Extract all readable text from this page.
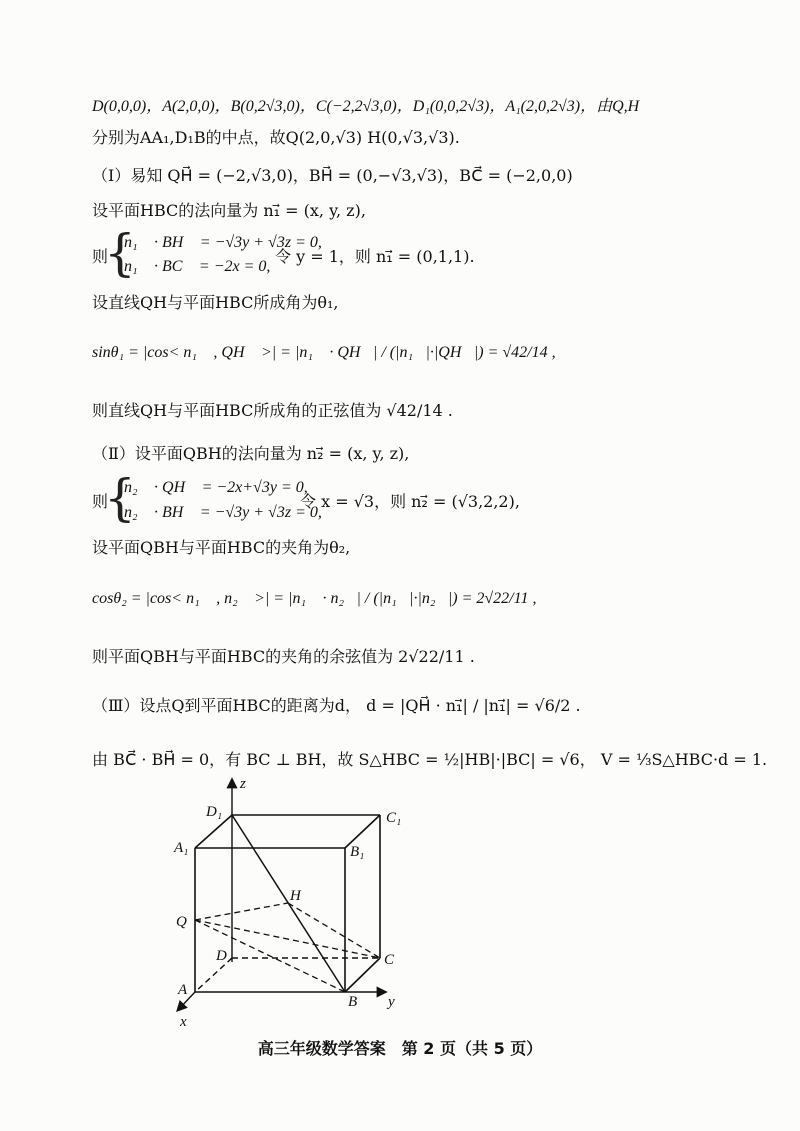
D(0,0,0)，A(2,0,0)，B(0,2√3,0)，C(−2,2√3,0)，D₁(0,0,2√3)，A₁(2,0,2√3)，由Q,H
分别为AA₁,D₁B的中点，故Q(2,0,√3) H(0,√3,√3).
（Ⅰ）易知 QH⃗ = (−2,√3,0)，BH⃗ = (0,−√3,√3)，BC⃗ = (−2,0,0)
设平面HBC的法向量为 n₁⃗ = (x, y, z),
则
{
n₁⃗ · BH⃗ = −√3y + √3z = 0,
n₁⃗ · BC⃗ = −2x = 0,
令 y = 1，则 n₁⃗ = (0,1,1).
设直线QH与平面HBC所成角为θ₁,
sinθ₁ = |cos< n₁⃗ , QH⃗ >| = |n₁⃗ · QH⃗| / (|n₁⃗|·|QH⃗|) = √42/14 ,
则直线QH与平面HBC所成角的正弦值为 √42/14 .
（Ⅱ）设平面QBH的法向量为 n₂⃗ = (x, y, z),
则
{
n₂⃗ · QH⃗ = −2x+√3y = 0,
n₂⃗ · BH⃗ = −√3y + √3z = 0,
令 x = √3，则 n₂⃗ = (√3,2,2),
设平面QBH与平面HBC的夹角为θ₂,
cosθ₂ = |cos< n₁⃗ , n₂⃗ >| = |n₁⃗ · n₂⃗| / (|n₁⃗|·|n₂⃗|) = 2√22/11 ,
则平面QBH与平面HBC的夹角的余弦值为 2√22/11 .
（Ⅲ）设点Q到平面HBC的距离为d， d = |QH⃗ · n₁⃗| / |n₁⃗| = √6/2 .
由 BC⃗ · BH⃗ = 0，有 BC ⊥ BH，故 S△HBC = ½|HB|·|BC| = √6， V = ⅓S△HBC·d = 1.
z
y
x
D₁	C₁
A₁	B₁
H
Q
D	C
A
B
高三年级数学答案　第 2 页（共 5 页）
